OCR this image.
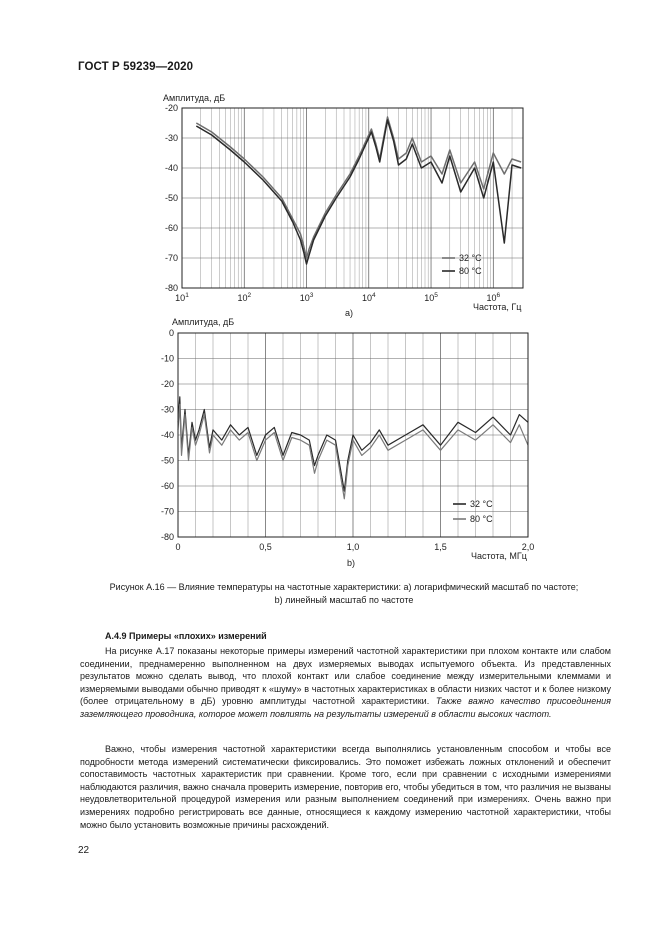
ГОСТ Р 59239—2020
Амплитуда, дБ
-20
-30
-40
-50
-60
-70
-80
$10^1$	$10^2$	$10^3$	$10^4$	$10^5$	$10^6$
32 °C
80 °C
Частота, Гц
a)
Амплитуда, дБ
0
-10
-20
-30
-40
-50
-60
-70
-80
0	0,5	1,0	1,5	2,0
32 °C
80 °C
Частота, МГц
b)
Рисунок А.16 — Влияние температуры на частотные характеристики: а) логарифмический масштаб по частоте;
b) линейный масштаб по частоте
А.4.9 Примеры «плохих» измерений
На рисунке А.17 показаны некоторые примеры измерений частотной характеристики при плохом контакте или слабом соединении, преднамеренно выполненном на двух измеряемых выводах испытуемого объекта. Из представленных результатов можно сделать вывод, что плохой контакт или слабое соединение между измерительными клеммами и измеряемыми выводами обычно приводят к «шуму» в частотных характеристиках в области низких частот и к более низкому (более отрицательному в дБ) уровню амплитуды частотной характеристики. Также важно качество присоединения заземляющего проводника, которое может повлиять на результаты измерений в области высоких частот.
Важно, чтобы измерения частотной характеристики всегда выполнялись установленным способом и чтобы все подробности метода измерений систематически фиксировались. Это поможет избежать ложных отклонений и обеспечит сопоставимость частотных характеристик при сравнении. Кроме того, если при сравнении с исходными измерениями наблюдаются различия, важно сначала проверить измерение, повторив его, чтобы убедиться в том, что различия не вызваны неудовлетворительной процедурой измерения или разным выполнением соединений при измерениях. Очень важно при измерениях подробно регистрировать все данные, относящиеся к каждому измерению частотной характеристики, чтобы можно было установить возможные причины расхождений.
22
